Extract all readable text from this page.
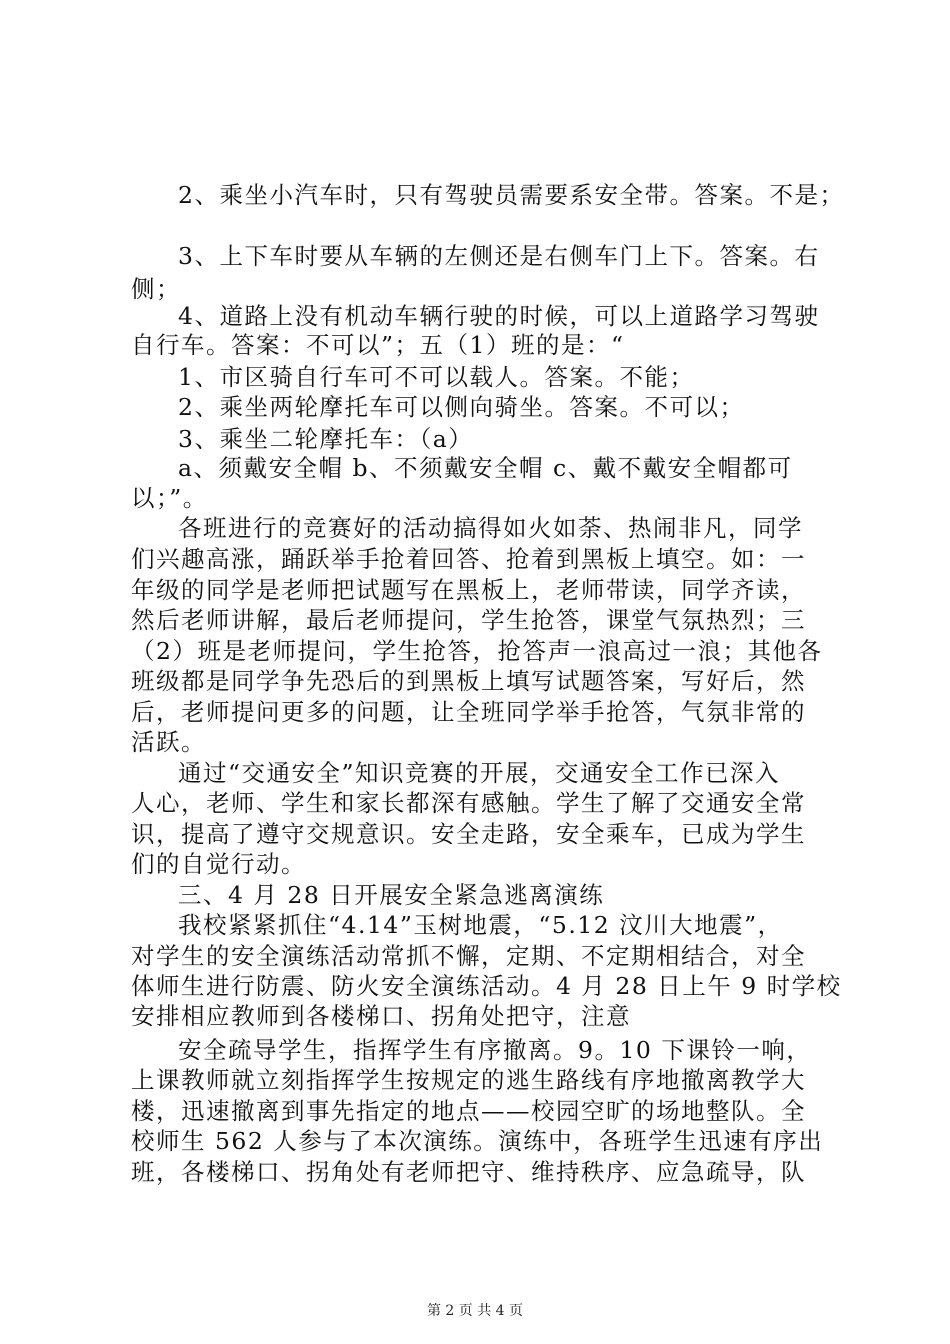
2、乘坐小汽车时，只有驾驶员需要系安全带。答案。不是；
3、上下车时要从车辆的左侧还是右侧车门上下。答案。右
侧；
4、道路上没有机动车辆行驶的时候，可以上道路学习驾驶
自行车。答案：不可以”；五（1）班的是：“
1、市区骑自行车可不可以载人。答案。不能；
2、乘坐两轮摩托车可以侧向骑坐。答案。不可以；
3、乘坐二轮摩托车：（a）
a、须戴安全帽 b、不须戴安全帽 c、戴不戴安全帽都可
以；”。
各班进行的竞赛好的活动搞得如火如荼、热闹非凡，同学
们兴趣高涨，踊跃举手抢着回答、抢着到黑板上填空。如：一
年级的同学是老师把试题写在黑板上，老师带读，同学齐读，
然后老师讲解，最后老师提问，学生抢答，课堂气氛热烈；三
（2）班是老师提问，学生抢答，抢答声一浪高过一浪；其他各
班级都是同学争先恐后的到黑板上填写试题答案，写好后，然
后，老师提问更多的问题，让全班同学举手抢答，气氛非常的
活跃。
通过“交通安全”知识竞赛的开展，交通安全工作已深入
人心，老师、学生和家长都深有感触。学生了解了交通安全常
识，提高了遵守交规意识。安全走路，安全乘车，已成为学生
们的自觉行动。
三、4 月 28 日开展安全紧急逃离演练
我校紧紧抓住“4.14”玉树地震，“5.12 汶川大地震”，
对学生的安全演练活动常抓不懈，定期、不定期相结合，对全
体师生进行防震、防火安全演练活动。4 月 28 日上午 9 时学校
安排相应教师到各楼梯口、拐角处把守，注意
安全疏导学生，指挥学生有序撤离。9。10 下课铃一响，
上课教师就立刻指挥学生按规定的逃生路线有序地撤离教学大
楼，迅速撤离到事先指定的地点——校园空旷的场地整队。全
校师生 562 人参与了本次演练。演练中，各班学生迅速有序出
班，各楼梯口、拐角处有老师把守、维持秩序、应急疏导，队
第 2 页 共 4 页
